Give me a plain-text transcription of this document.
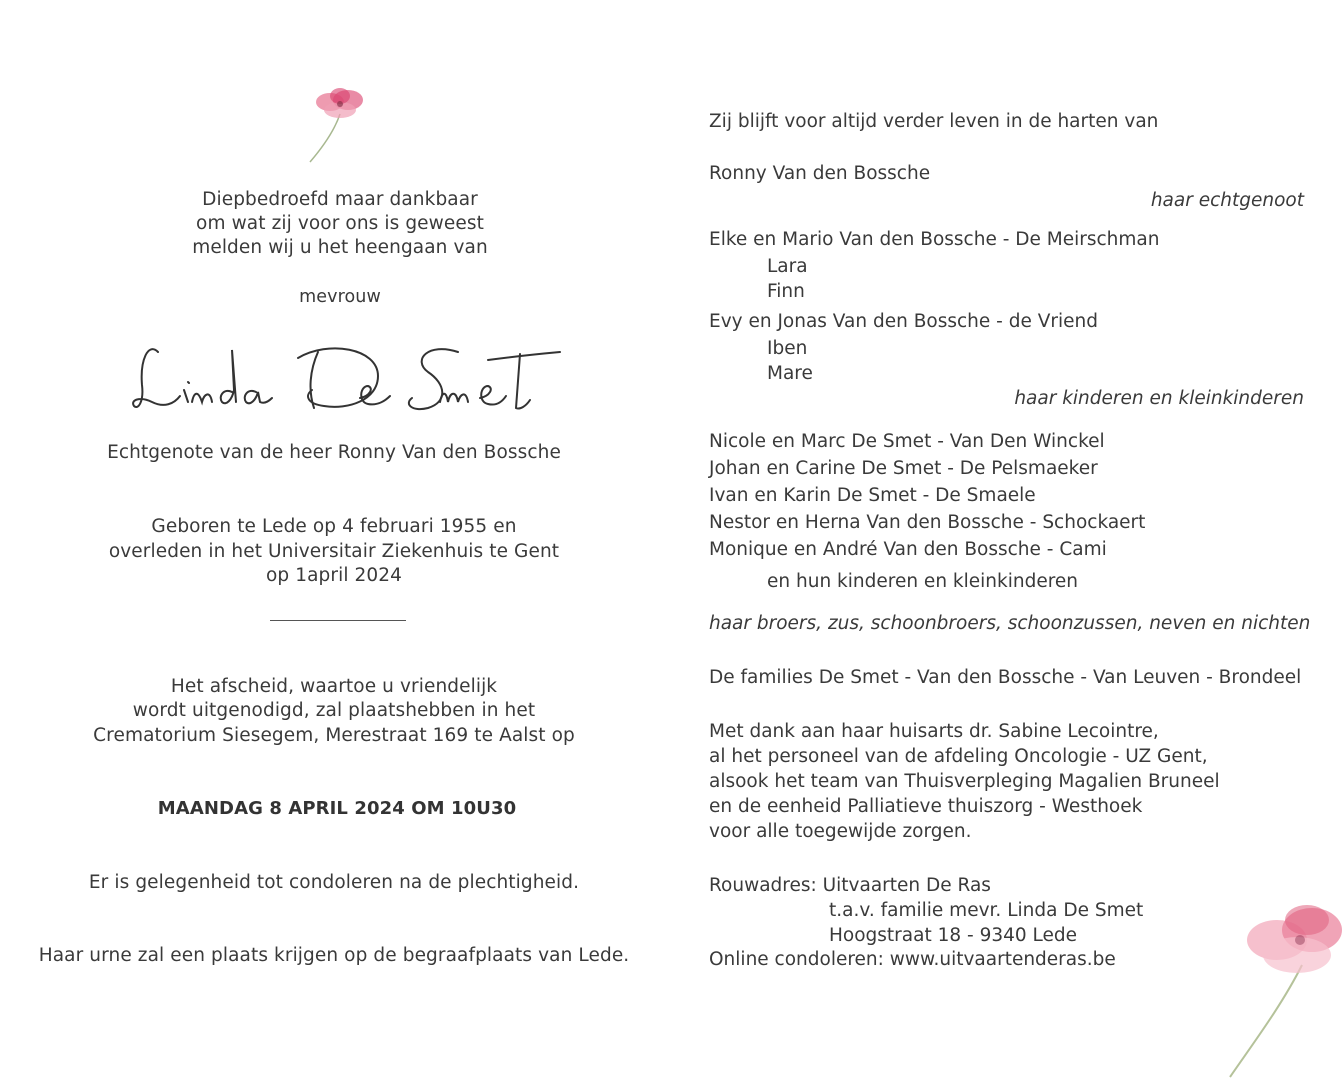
Diepbedroefd maar dankbaar
om wat zij voor ons is geweest
melden wij u het heengaan van
mevrouw
Echtgenote van de heer Ronny Van den Bossche
Geboren te Lede op 4 februari 1955 en
overleden in het Universitair Ziekenhuis te Gent
op 1april 2024
Het afscheid, waartoe u vriendelijk
wordt uitgenodigd, zal plaatshebben in het
Crematorium Siesegem, Merestraat 169 te Aalst op
MAANDAG 8 APRIL 2024 OM 10U30
Er is gelegenheid tot condoleren na de plechtigheid.
Haar urne zal een plaats krijgen op de begraafplaats van Lede.
Zij blijft voor altijd verder leven in de harten van
Ronny Van den Bossche
haar echtgenoot
Elke en Mario Van den Bossche - De Meirschman
Lara
Finn
Evy en Jonas Van den Bossche - de Vriend
Iben
Mare
haar kinderen en kleinkinderen
Nicole en Marc De Smet - Van Den Winckel
Johan en Carine De Smet - De Pelsmaeker
Ivan en Karin De Smet - De Smaele
Nestor en Herna Van den Bossche - Schockaert
Monique en André Van den Bossche - Cami
en hun kinderen en kleinkinderen
haar broers, zus, schoonbroers, schoonzussen, neven en nichten
De families De Smet - Van den Bossche - Van Leuven - Brondeel
Met dank aan haar huisarts dr. Sabine Lecointre,
al het personeel van de afdeling Oncologie - UZ Gent,
alsook het team van Thuisverpleging Magalien Bruneel
en de eenheid Palliatieve thuiszorg - Westhoek
voor alle toegewijde zorgen.
Rouwadres: Uitvaarten De Ras
t.a.v. familie mevr. Linda De Smet
Hoogstraat 18 - 9340 Lede
Online condoleren: www.uitvaartenderas.be
